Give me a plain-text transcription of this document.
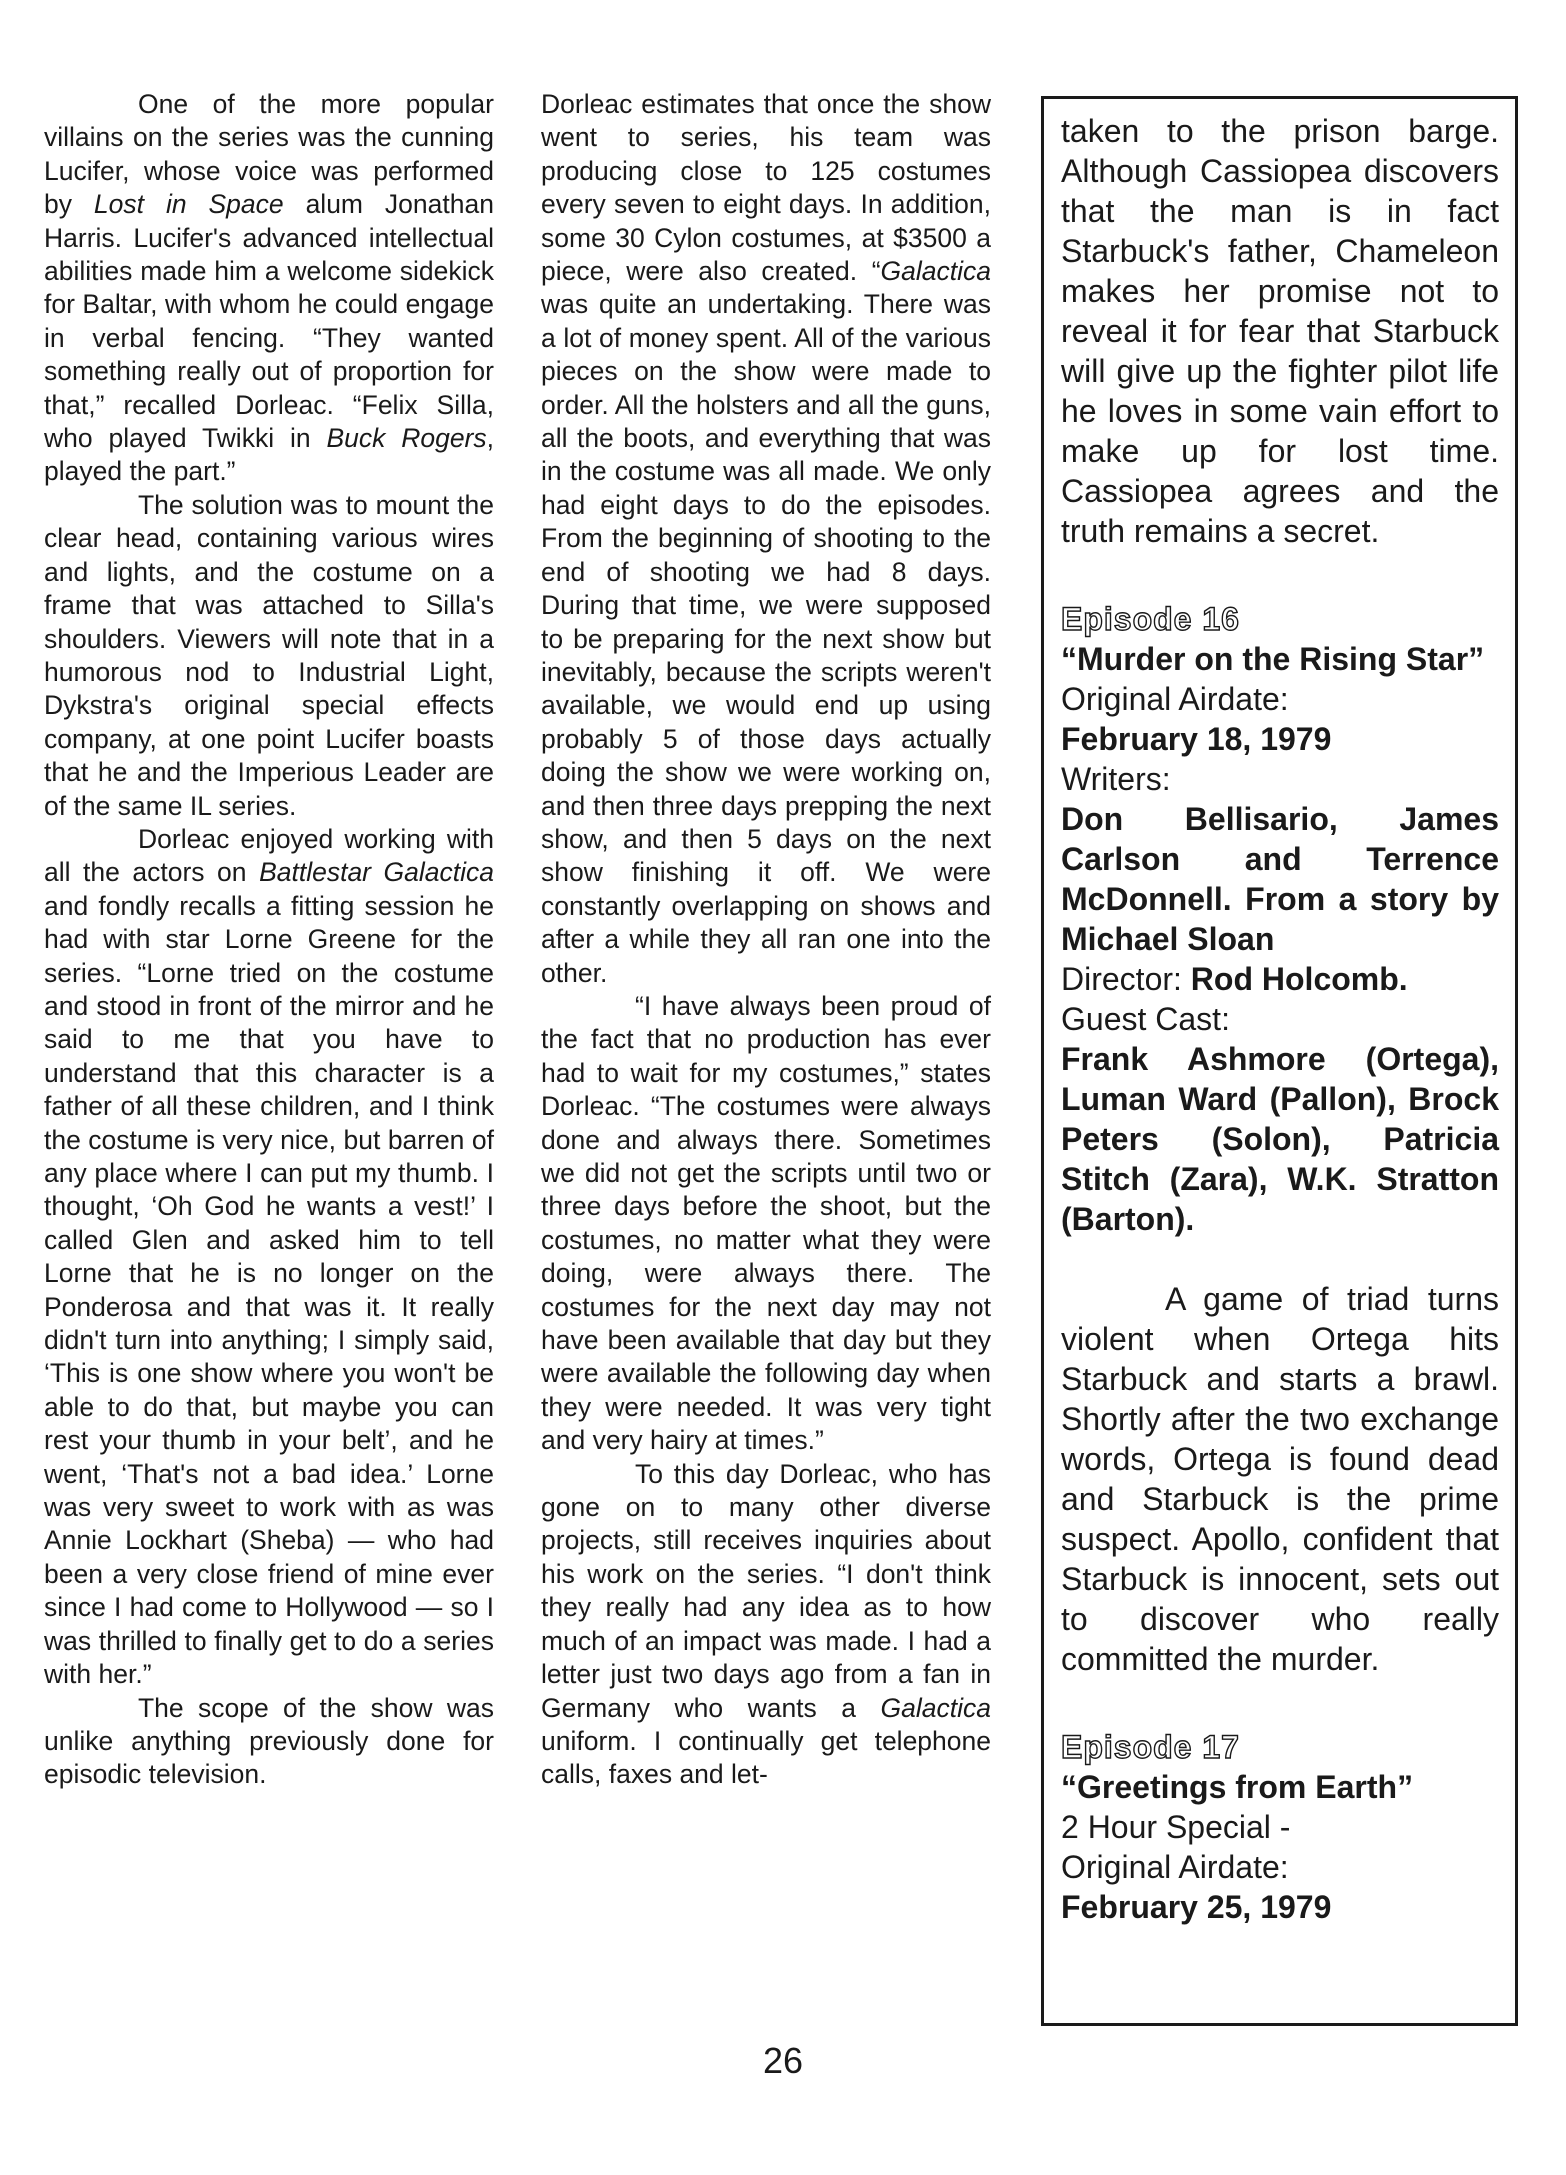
One of the more popular villains on the series was the cunning Lucifer, whose voice was performed by Lost in Space alum Jonathan Harris. Lucifer's advanced intellectual abilities made him a welcome sidekick for Baltar, with whom he could engage in verbal fencing. “They wanted something really out of proportion for that,” recalled Dorleac. “Felix Silla, who played Twikki in Buck Rogers, played the part.”

The solution was to mount the clear head, containing various wires and lights, and the costume on a frame that was attached to Silla's shoulders. Viewers will note that in a humorous nod to Industrial Light, Dykstra's original special effects company, at one point Lucifer boasts that he and the Imperious Leader are of the same IL series.

Dorleac enjoyed working with all the actors on Battlestar Galactica and fondly recalls a fitting session he had with star Lorne Greene for the series. “Lorne tried on the costume and stood in front of the mirror and he said to me that you have to understand that this character is a father of all these children, and I think the costume is very nice, but barren of any place where I can put my thumb. I thought, ‘Oh God he wants a vest!’ I called Glen and asked him to tell Lorne that he is no longer on the Ponderosa and that was it. It really didn't turn into anything; I simply said, ‘This is one show where you won't be able to do that, but maybe you can rest your thumb in your belt’, and he went, ‘That's not a bad idea.’ Lorne was very sweet to work with as was Annie Lockhart (Sheba) — who had been a very close friend of mine ever since I had come to Hollywood — so I was thrilled to finally get to do a series with her.”

The scope of the show was unlike anything previously done for episodic television.

Dorleac estimates that once the show went to series, his team was producing close to 125 costumes every seven to eight days. In addition, some 30 Cylon costumes, at $3500 a piece, were also created. “Galactica was quite an undertaking. There was a lot of money spent. All of the various pieces on the show were made to order. All the holsters and all the guns, all the boots, and everything that was in the costume was all made. We only had eight days to do the episodes. From the beginning of shooting to the end of shooting we had 8 days. During that time, we were supposed to be preparing for the next show but inevitably, because the scripts weren't available, we would end up using probably 5 of those days actually doing the show we were working on, and then three days prepping the next show, and then 5 days on the next show finishing it off. We were constantly overlapping on shows and after a while they all ran one into the other.

“I have always been proud of the fact that no production has ever had to wait for my costumes,” states Dorleac. “The costumes were always done and always there. Sometimes we did not get the scripts until two or three days before the shoot, but the costumes, no matter what they were doing, were always there. The costumes for the next day may not have been available that day but they were available the following day when they were needed. It was very tight and very hairy at times.”

To this day Dorleac, who has gone on to many other diverse projects, still receives inquiries about his work on the series. “I don't think they really had any idea as to how much of an impact was made. I had a letter just two days ago from a fan in Germany who wants a Galactica uniform. I continually get telephone calls, faxes and let-

taken to the prison barge. Although Cassiopea discovers that the man is in fact Starbuck's father, Chameleon makes her promise not to reveal it for fear that Starbuck will give up the fighter pilot life he loves in some vain effort to make up for lost time. Cassiopea agrees and the truth remains a secret.

Episode 16
“Murder on the Rising Star”
Original Airdate:
February 18, 1979
Writers:

Don Bellisario, James Carlson and Terrence McDonnell. From a story by Michael Sloan

Director: Rod Holcomb.
Guest Cast:

Frank Ashmore (Ortega), Luman Ward (Pallon), Brock Peters (Solon), Patricia Stitch (Zara), W.K. Stratton (Barton).

A game of triad turns violent when Ortega hits Starbuck and starts a brawl. Shortly after the two exchange words, Ortega is found dead and Starbuck is the prime suspect. Apollo, confident that Starbuck is innocent, sets out to discover who really committed the murder.

Episode 17
“Greetings from Earth”
2 Hour Special -
Original Airdate:
February 25, 1979
26
